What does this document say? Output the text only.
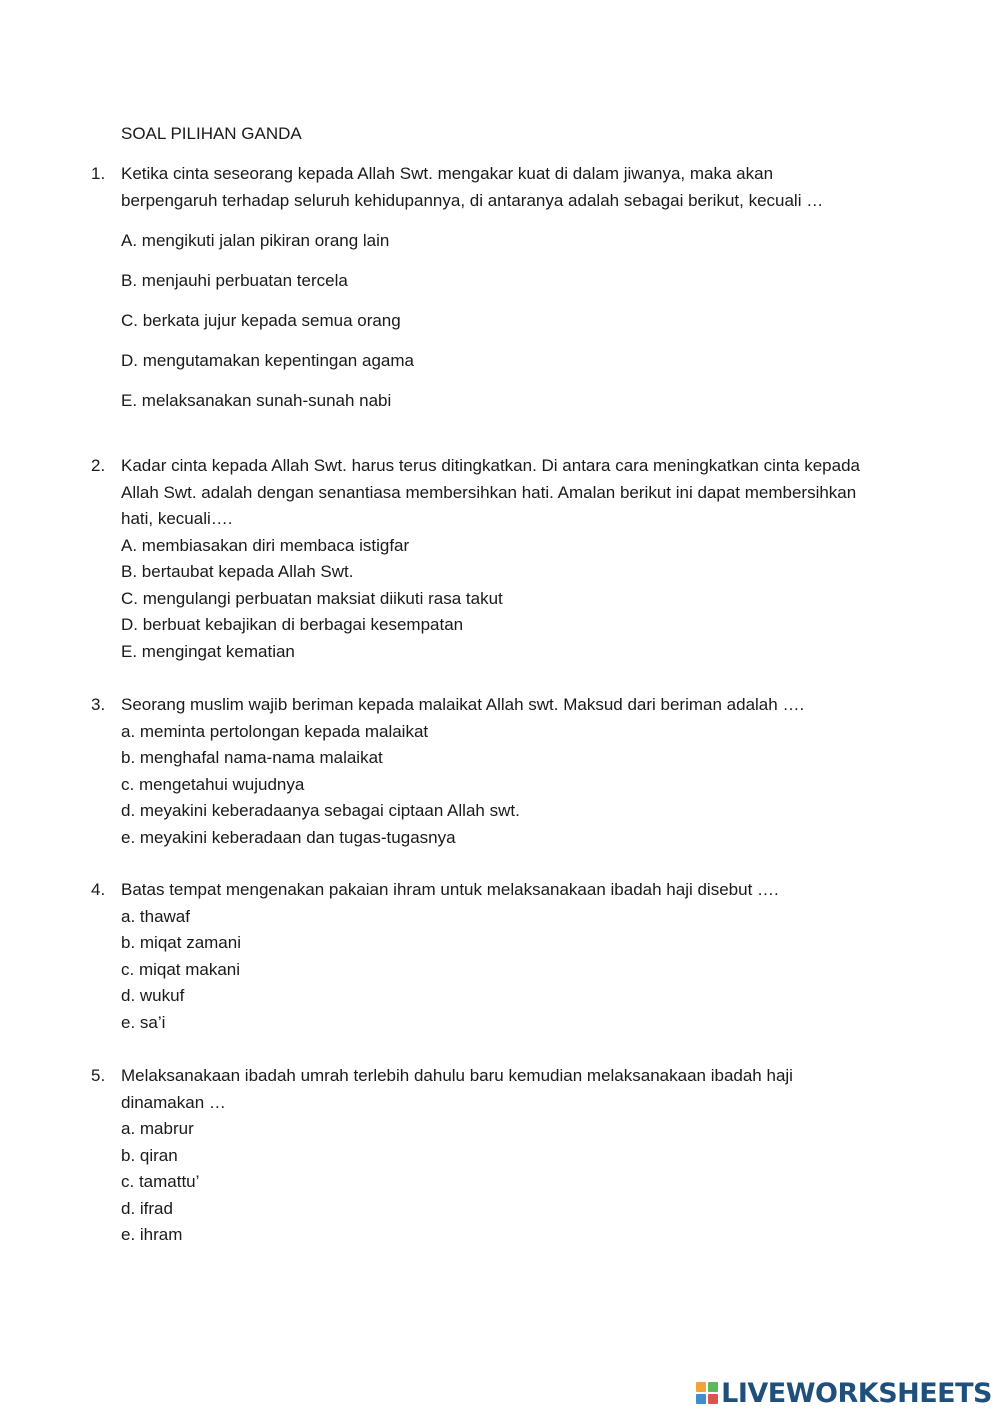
SOAL PILIHAN GANDA
1. Ketika cinta seseorang kepada Allah Swt. mengakar kuat di dalam jiwanya, maka akan berpengaruh terhadap seluruh kehidupannya, di antaranya adalah sebagai berikut, kecuali …
A. mengikuti jalan pikiran orang lain
B. menjauhi perbuatan tercela
C. berkata jujur kepada semua orang
D. mengutamakan kepentingan agama
E. melaksanakan sunah-sunah nabi
2. Kadar cinta kepada Allah Swt. harus terus ditingkatkan. Di antara cara meningkatkan cinta kepada Allah Swt. adalah dengan senantiasa membersihkan hati. Amalan berikut ini dapat membersihkan hati, kecuali….
A. membiasakan diri membaca istigfar
B. bertaubat kepada Allah Swt.
C. mengulangi perbuatan maksiat diikuti rasa takut
D. berbuat kebajikan di berbagai kesempatan
E. mengingat kematian
3. Seorang muslim wajib beriman kepada malaikat Allah swt. Maksud dari beriman adalah ….
a. meminta pertolongan kepada malaikat
b. menghafal nama-nama malaikat
c. mengetahui wujudnya
d. meyakini keberadaanya sebagai ciptaan Allah swt.
e. meyakini keberadaan dan tugas-tugasnya
4. Batas tempat mengenakan pakaian ihram untuk melaksanakaan ibadah haji disebut ….
a. thawaf
b. miqat zamani
c. miqat makani
d. wukuf
e. sa’i
5. Melaksanakaan ibadah umrah terlebih dahulu baru kemudian melaksanakaan ibadah haji dinamakan …
a. mabrur
b. qiran
c. tamattu’
d. ifrad
e. ihram
LIVEWORKSHEETS
